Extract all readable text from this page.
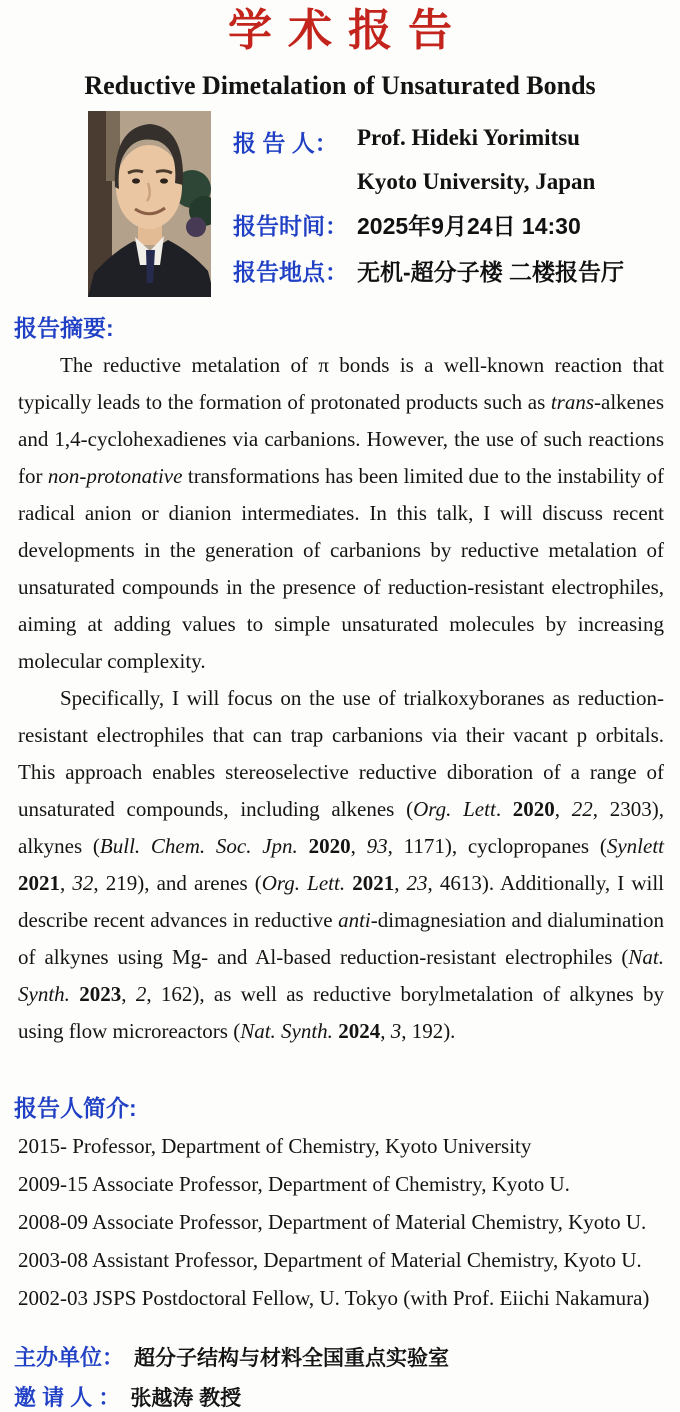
学术报告
Reductive Dimetalation of Unsaturated Bonds
报 告 人： Prof. Hideki Yorimitsu
Kyoto University, Japan
报告时间： 2025年9月24日 14:30
报告地点： 无机-超分子楼 二楼报告厅
报告摘要:

The reductive metalation of π bonds is a well-known reaction that typically leads to the formation of protonated products such as trans-alkenes and 1,4-cyclohexadienes via carbanions. However, the use of such reactions for non-protonative transformations has been limited due to the instability of radical anion or dianion intermediates. In this talk, I will discuss recent developments in the generation of carbanions by reductive metalation of unsaturated compounds in the presence of reduction-resistant electrophiles, aiming at adding values to simple unsaturated molecules by increasing molecular complexity.

Specifically, I will focus on the use of trialkoxyboranes as reduction-resistant electrophiles that can trap carbanions via their vacant p orbitals. This approach enables stereoselective reductive diboration of a range of unsaturated compounds, including alkenes (Org. Lett. 2020, 22, 2303), alkynes (Bull. Chem. Soc. Jpn. 2020, 93, 1171), cyclopropanes (Synlett 2021, 32, 219), and arenes (Org. Lett. 2021, 23, 4613). Additionally, I will describe recent advances in reductive anti-dimagnesiation and dialumination of alkynes using Mg- and Al-based reduction-resistant electrophiles (Nat. Synth. 2023, 2, 162), as well as reductive borylmetalation of alkynes by using flow microreactors (Nat. Synth. 2024, 3, 192).

报告人简介:
2015- Professor, Department of Chemistry, Kyoto University
2009-15 Associate Professor, Department of Chemistry, Kyoto U.
2008-09 Associate Professor, Department of Material Chemistry, Kyoto U.
2003-08 Assistant Professor, Department of Material Chemistry, Kyoto U.
2002-03 JSPS Postdoctoral Fellow, U. Tokyo (with Prof. Eiichi Nakamura)
主办单位： 超分子结构与材料全国重点实验室
邀 请 人 ： 张越涛 教授
